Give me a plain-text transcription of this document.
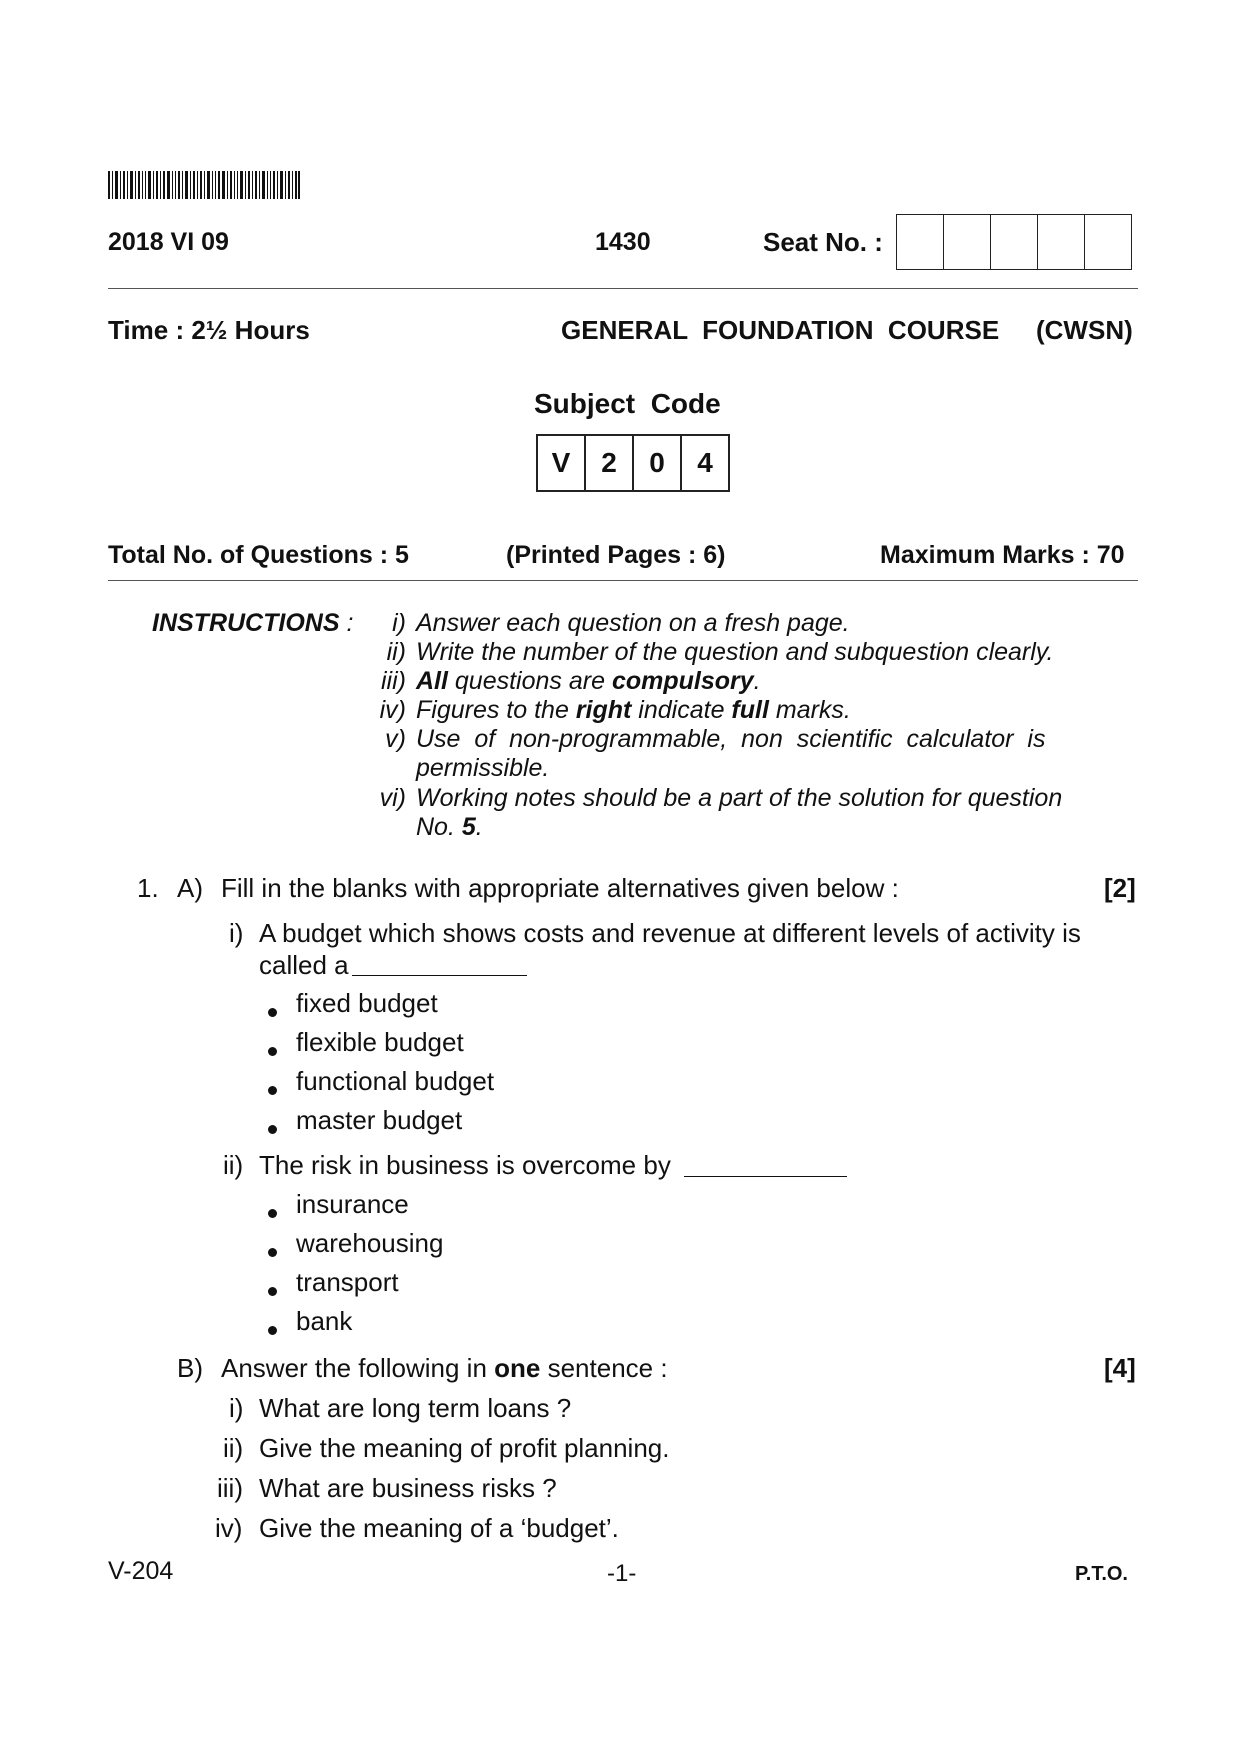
2018 VI 09	1430	Seat No. :
Time : 2½ Hours	GENERAL  FOUNDATION  COURSE (CWSN)
Subject  Code
V	2	0	4
Total No. of Questions : 5	(Printed Pages : 6)	Maximum Marks : 70
INSTRUCTIONS :	i) Answer each question on a fresh page.
ii) Write the number of the question and subquestion clearly.
iii) All questions are compulsory.
iv) Figures to the right indicate full marks.
v) Use  of  non-programmable,  non  scientific  calculator  is
permissible.
vi) Working notes should be a part of the solution for question
No. 5.
1. A) Fill in the blanks with appropriate alternatives given below :	[2]
i) A budget which shows costs and revenue at different levels of activity is
called a
fixed budget
flexible budget
functional budget
master budget
ii) The risk in business is overcome by
insurance
warehousing
transport
bank
B) Answer the following in one sentence :	[4]
i) What are long term loans ?
ii) Give the meaning of profit planning.
iii) What are business risks ?
iv) Give the meaning of a ‘budget’.
V-204	-1-	P.T.O.
